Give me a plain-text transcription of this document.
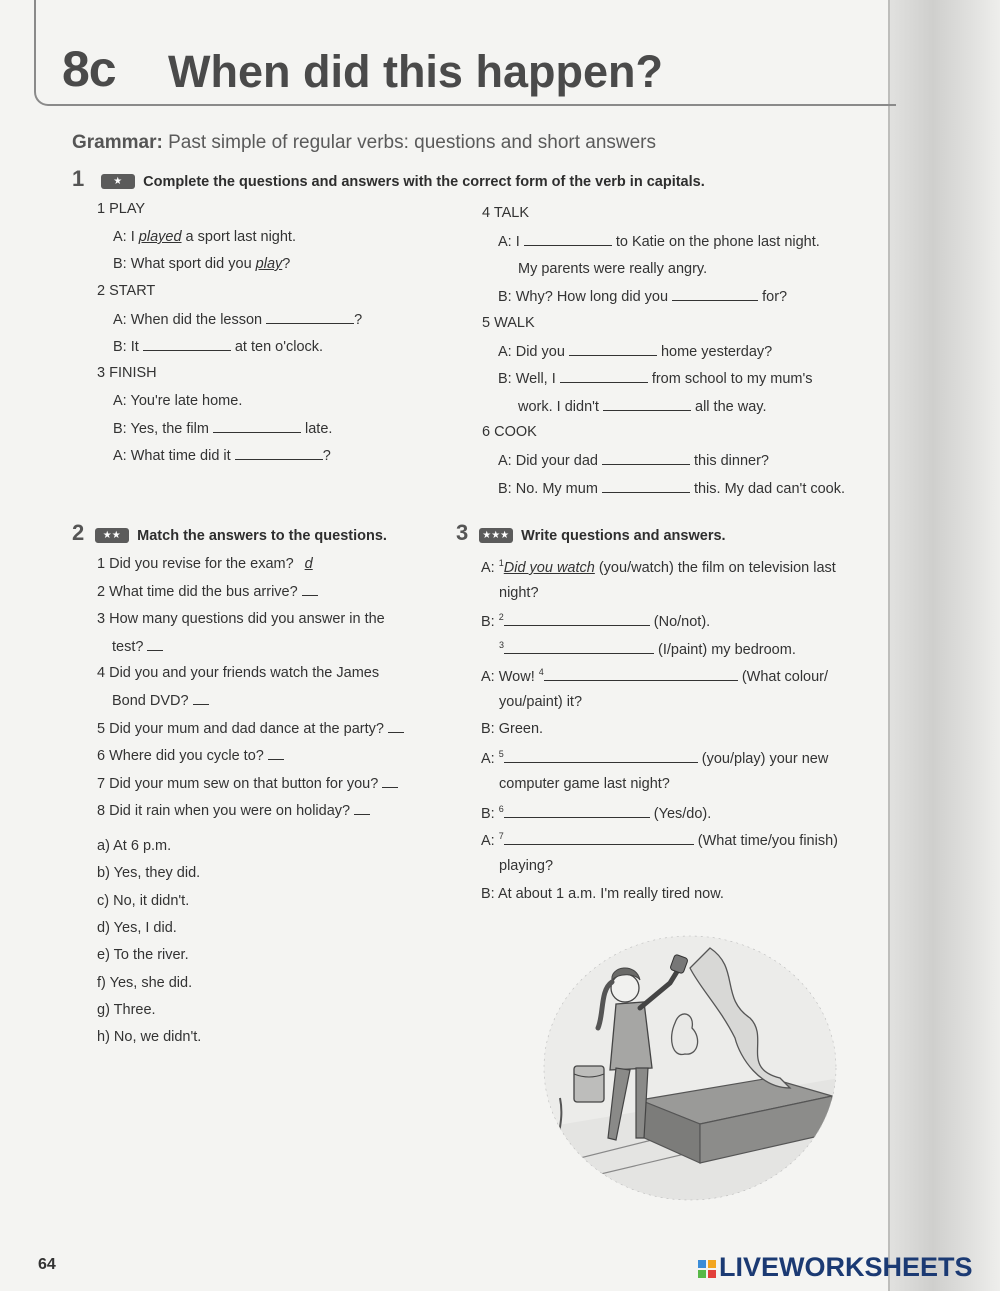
8c When did this happen?
Grammar: Past simple of regular verbs: questions and short answers
1	★ Complete the questions and answers with the correct form of the verb in capitals.
1 PLAY
A: I played a sport last night.
B: What sport did you play?
2 START
A: When did the lesson	?
B: It	at ten o'clock.
3 FINISH
A: You're late home.
B: Yes, the film	late.
A: What time did it	?
4 TALK
A: I	to Katie on the phone last night.
My parents were really angry.
B: Why? How long did you	for?
5 WALK
A: Did you	home yesterday?
B: Well, I	from school to my mum's
work. I didn't	all the way.
6 COOK
A: Did your dad	this dinner?
B: No. My mum	this. My dad can't cook.
2 ★★ Match the answers to the questions.
1 Did you revise for the exam? d
2 What time did the bus arrive?
3 How many questions did you answer in the
test?
4 Did you and your friends watch the James
Bond DVD?
5 Did your mum and dad dance at the party?
6 Where did you cycle to?
7 Did your mum sew on that button for you?
8 Did it rain when you were on holiday?
a) At 6 p.m.
b) Yes, they did.
c) No, it didn't.
d) Yes, I did.
e) To the river.
f) Yes, she did.
g) Three.
h) No, we didn't.
3 ★★★ Write questions and answers.
A: $^1$Did you watch (you/watch) the film on television last
night?
B: $^2$	(No/not).
$^3$	(I/paint) my bedroom.
A: Wow! $^4$	(What colour/
you/paint) it?
B: Green.
A: $^5$	(you/play) your new
computer game last night?
B: $^6$	(Yes/do).
A: $^7$	(What time/you finish)
playing?
B: At about 1 a.m. I'm really tired now.
64	LIVEWORKSHEETS
